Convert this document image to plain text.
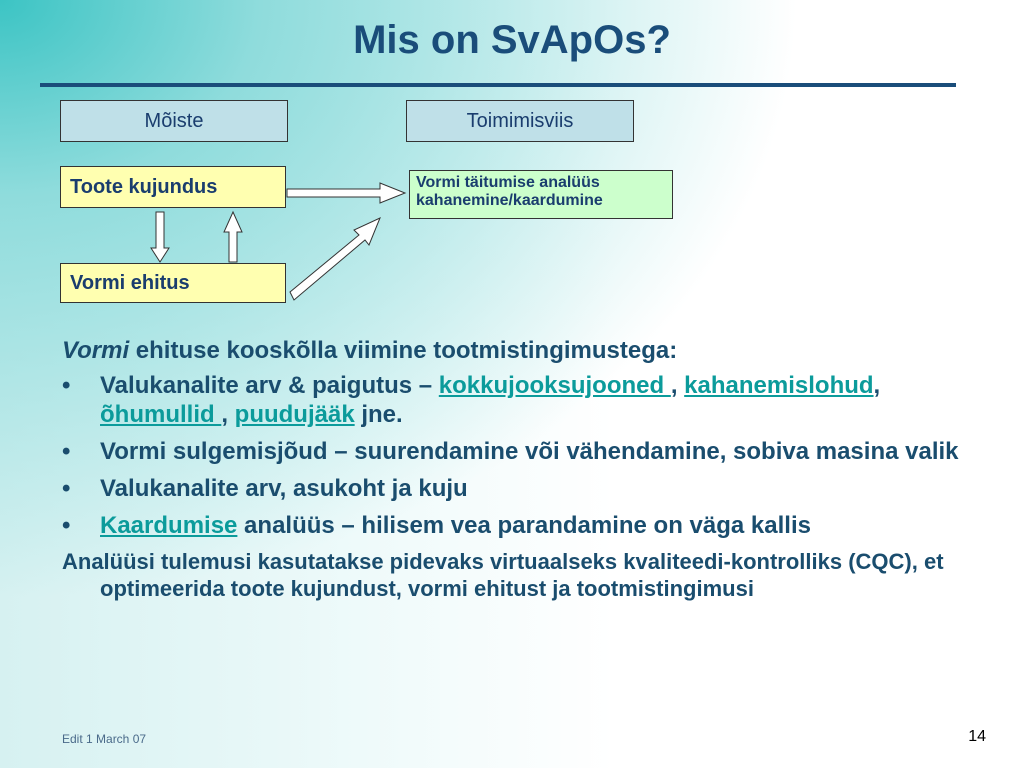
Mis on SvApOs?
Mõiste	Toimimisviis
Toote kujundus
Vormi ehitus
Vormi täitumise analüüs
kahanemine/kaardumine
Vormi ehituse kooskõlla viimine tootmistingimustega:
• Valukanalite arv & paigutus – kokkujooksujooned , kahanemislohud, õhumullid , puudujääk jne.
• Vormi sulgemisjõud – suurendamine või vähendamine, sobiva masina valik
• Valukanalite arv, asukoht ja kuju
• Kaardumise analüüs – hilisem vea parandamine on väga kallis
Analüüsi tulemusi kasutatakse pidevaks virtuaalseks kvaliteedi-kontrolliks (CQC), et optimeerida toote kujundust, vormi ehitust ja tootmistingimusi
Edit 1 March 07	14
